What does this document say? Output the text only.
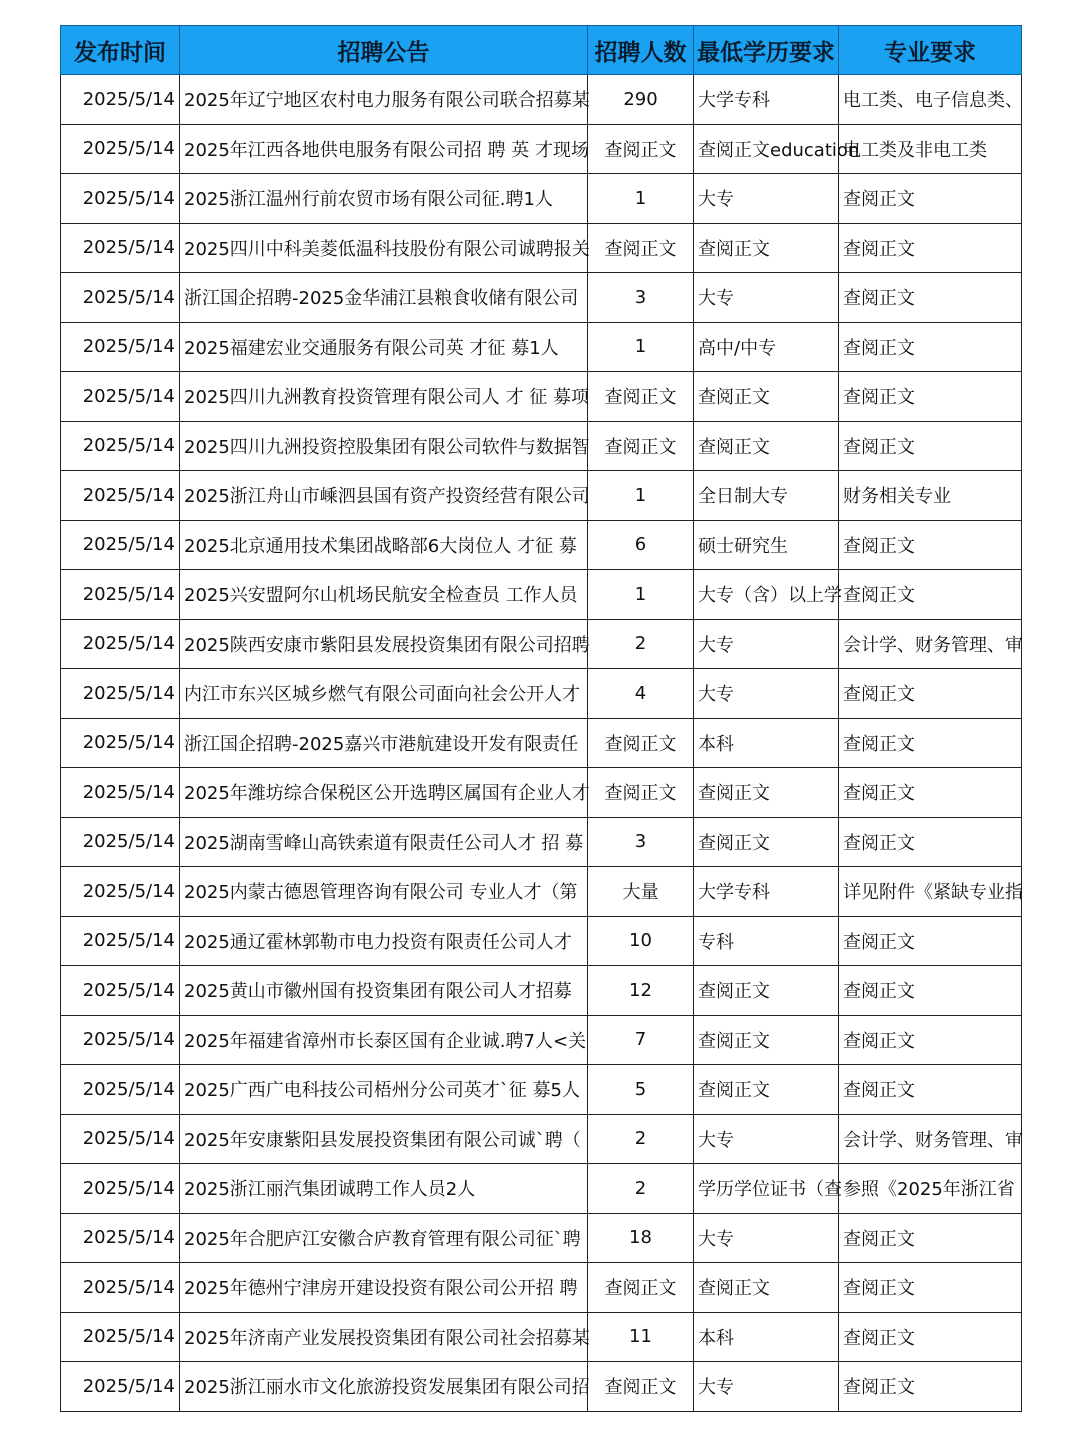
发布时间	招聘公告	招聘人数	最低学历要求	专业要求
2025/5/14	2025年辽宁地区农村电力服务有限公司联合招募某	290	大学专科	电工类、电子信息类、
2025/5/14	2025年江西各地供电服务有限公司招 聘 英 才现场	查阅正文	查阅正文education	电工类及非电工类
2025/5/14	2025浙江温州行前农贸市场有限公司征.聘1人	1	大专	查阅正文
2025/5/14	2025四川中科美菱低温科技股份有限公司诚聘报关	查阅正文	查阅正文	查阅正文
2025/5/14	浙江国企招聘-2025金华浦江县粮食收储有限公司	3	大专	查阅正文
2025/5/14	2025福建宏业交通服务有限公司英 才征 募1人	1	高中/中专	查阅正文
2025/5/14	2025四川九洲教育投资管理有限公司人 才 征 募项	查阅正文	查阅正文	查阅正文
2025/5/14	2025四川九洲投资控股集团有限公司软件与数据智	查阅正文	查阅正文	查阅正文
2025/5/14	2025浙江舟山市嵊泗县国有资产投资经营有限公司	1	全日制大专	财务相关专业
2025/5/14	2025北京通用技术集团战略部6大岗位人 才征 募	6	硕士研究生	查阅正文
2025/5/14	2025兴安盟阿尔山机场民航安全检查员 工作人员	1	大专（含）以上学	查阅正文
2025/5/14	2025陕西安康市紫阳县发展投资集团有限公司招聘	2	大专	会计学、财务管理、审
2025/5/14	内江市东兴区城乡燃气有限公司面向社会公开人才	4	大专	查阅正文
2025/5/14	浙江国企招聘-2025嘉兴市港航建设开发有限责任	查阅正文	本科	查阅正文
2025/5/14	2025年潍坊综合保税区公开选聘区属国有企业人才	查阅正文	查阅正文	查阅正文
2025/5/14	2025湖南雪峰山高铁索道有限责任公司人才 招 募	3	查阅正文	查阅正文
2025/5/14	2025内蒙古德恩管理咨询有限公司 专业人才（第	大量	大学专科	详见附件《紧缺专业指
2025/5/14	2025通辽霍林郭勒市电力投资有限责任公司人才	10	专科	查阅正文
2025/5/14	2025黄山市徽州国有投资集团有限公司人才招募	12	查阅正文	查阅正文
2025/5/14	2025年福建省漳州市长泰区国有企业诚.聘7人<关	7	查阅正文	查阅正文
2025/5/14	2025广西广电科技公司梧州分公司英才`征 募5人	5	查阅正文	查阅正文
2025/5/14	2025年安康紫阳县发展投资集团有限公司诚`聘（	2	大专	会计学、财务管理、审
2025/5/14	2025浙江丽汽集团诚聘工作人员2人	2	学历学位证书（查	参照《2025年浙江省
2025/5/14	2025年合肥庐江安徽合庐教育管理有限公司征`聘	18	大专	查阅正文
2025/5/14	2025年德州宁津房开建设投资有限公司公开招 聘	查阅正文	查阅正文	查阅正文
2025/5/14	2025年济南产业发展投资集团有限公司社会招募某	11	本科	查阅正文
2025/5/14	2025浙江丽水市文化旅游投资发展集团有限公司招	查阅正文	大专	查阅正文
